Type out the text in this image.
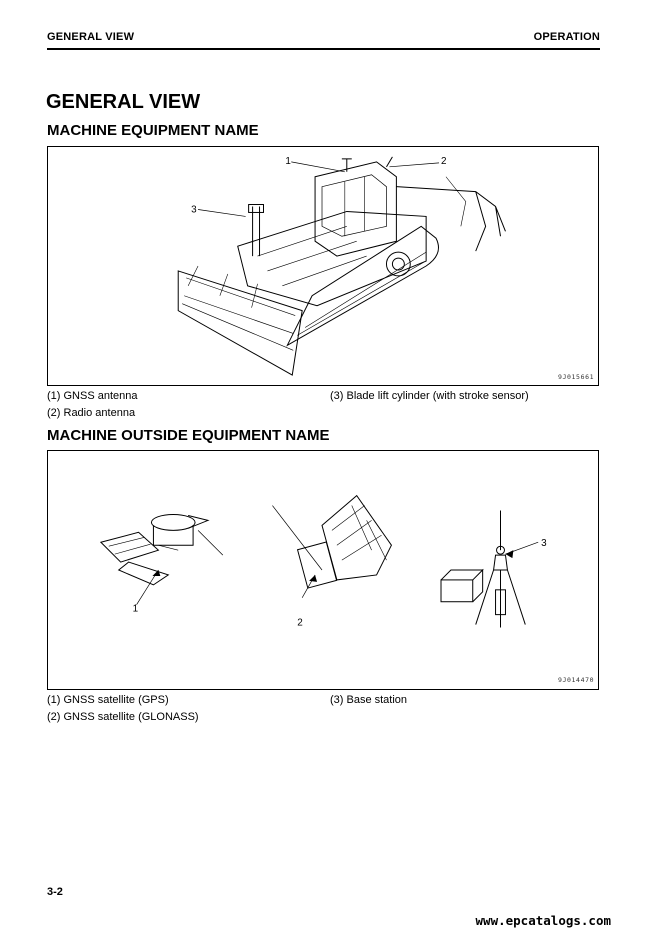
GENERAL VIEW	OPERATION
GENERAL VIEW
MACHINE EQUIPMENT NAME
1	2
3
9J015661
(1) GNSS antenna
(2) Radio antenna
(3) Blade lift cylinder (with stroke sensor)
MACHINE OUTSIDE EQUIPMENT NAME
1
2
3
9J014470
(1) GNSS satellite (GPS)
(2) GNSS satellite (GLONASS)
(3) Base station
3-2
www.epcatalogs.com
